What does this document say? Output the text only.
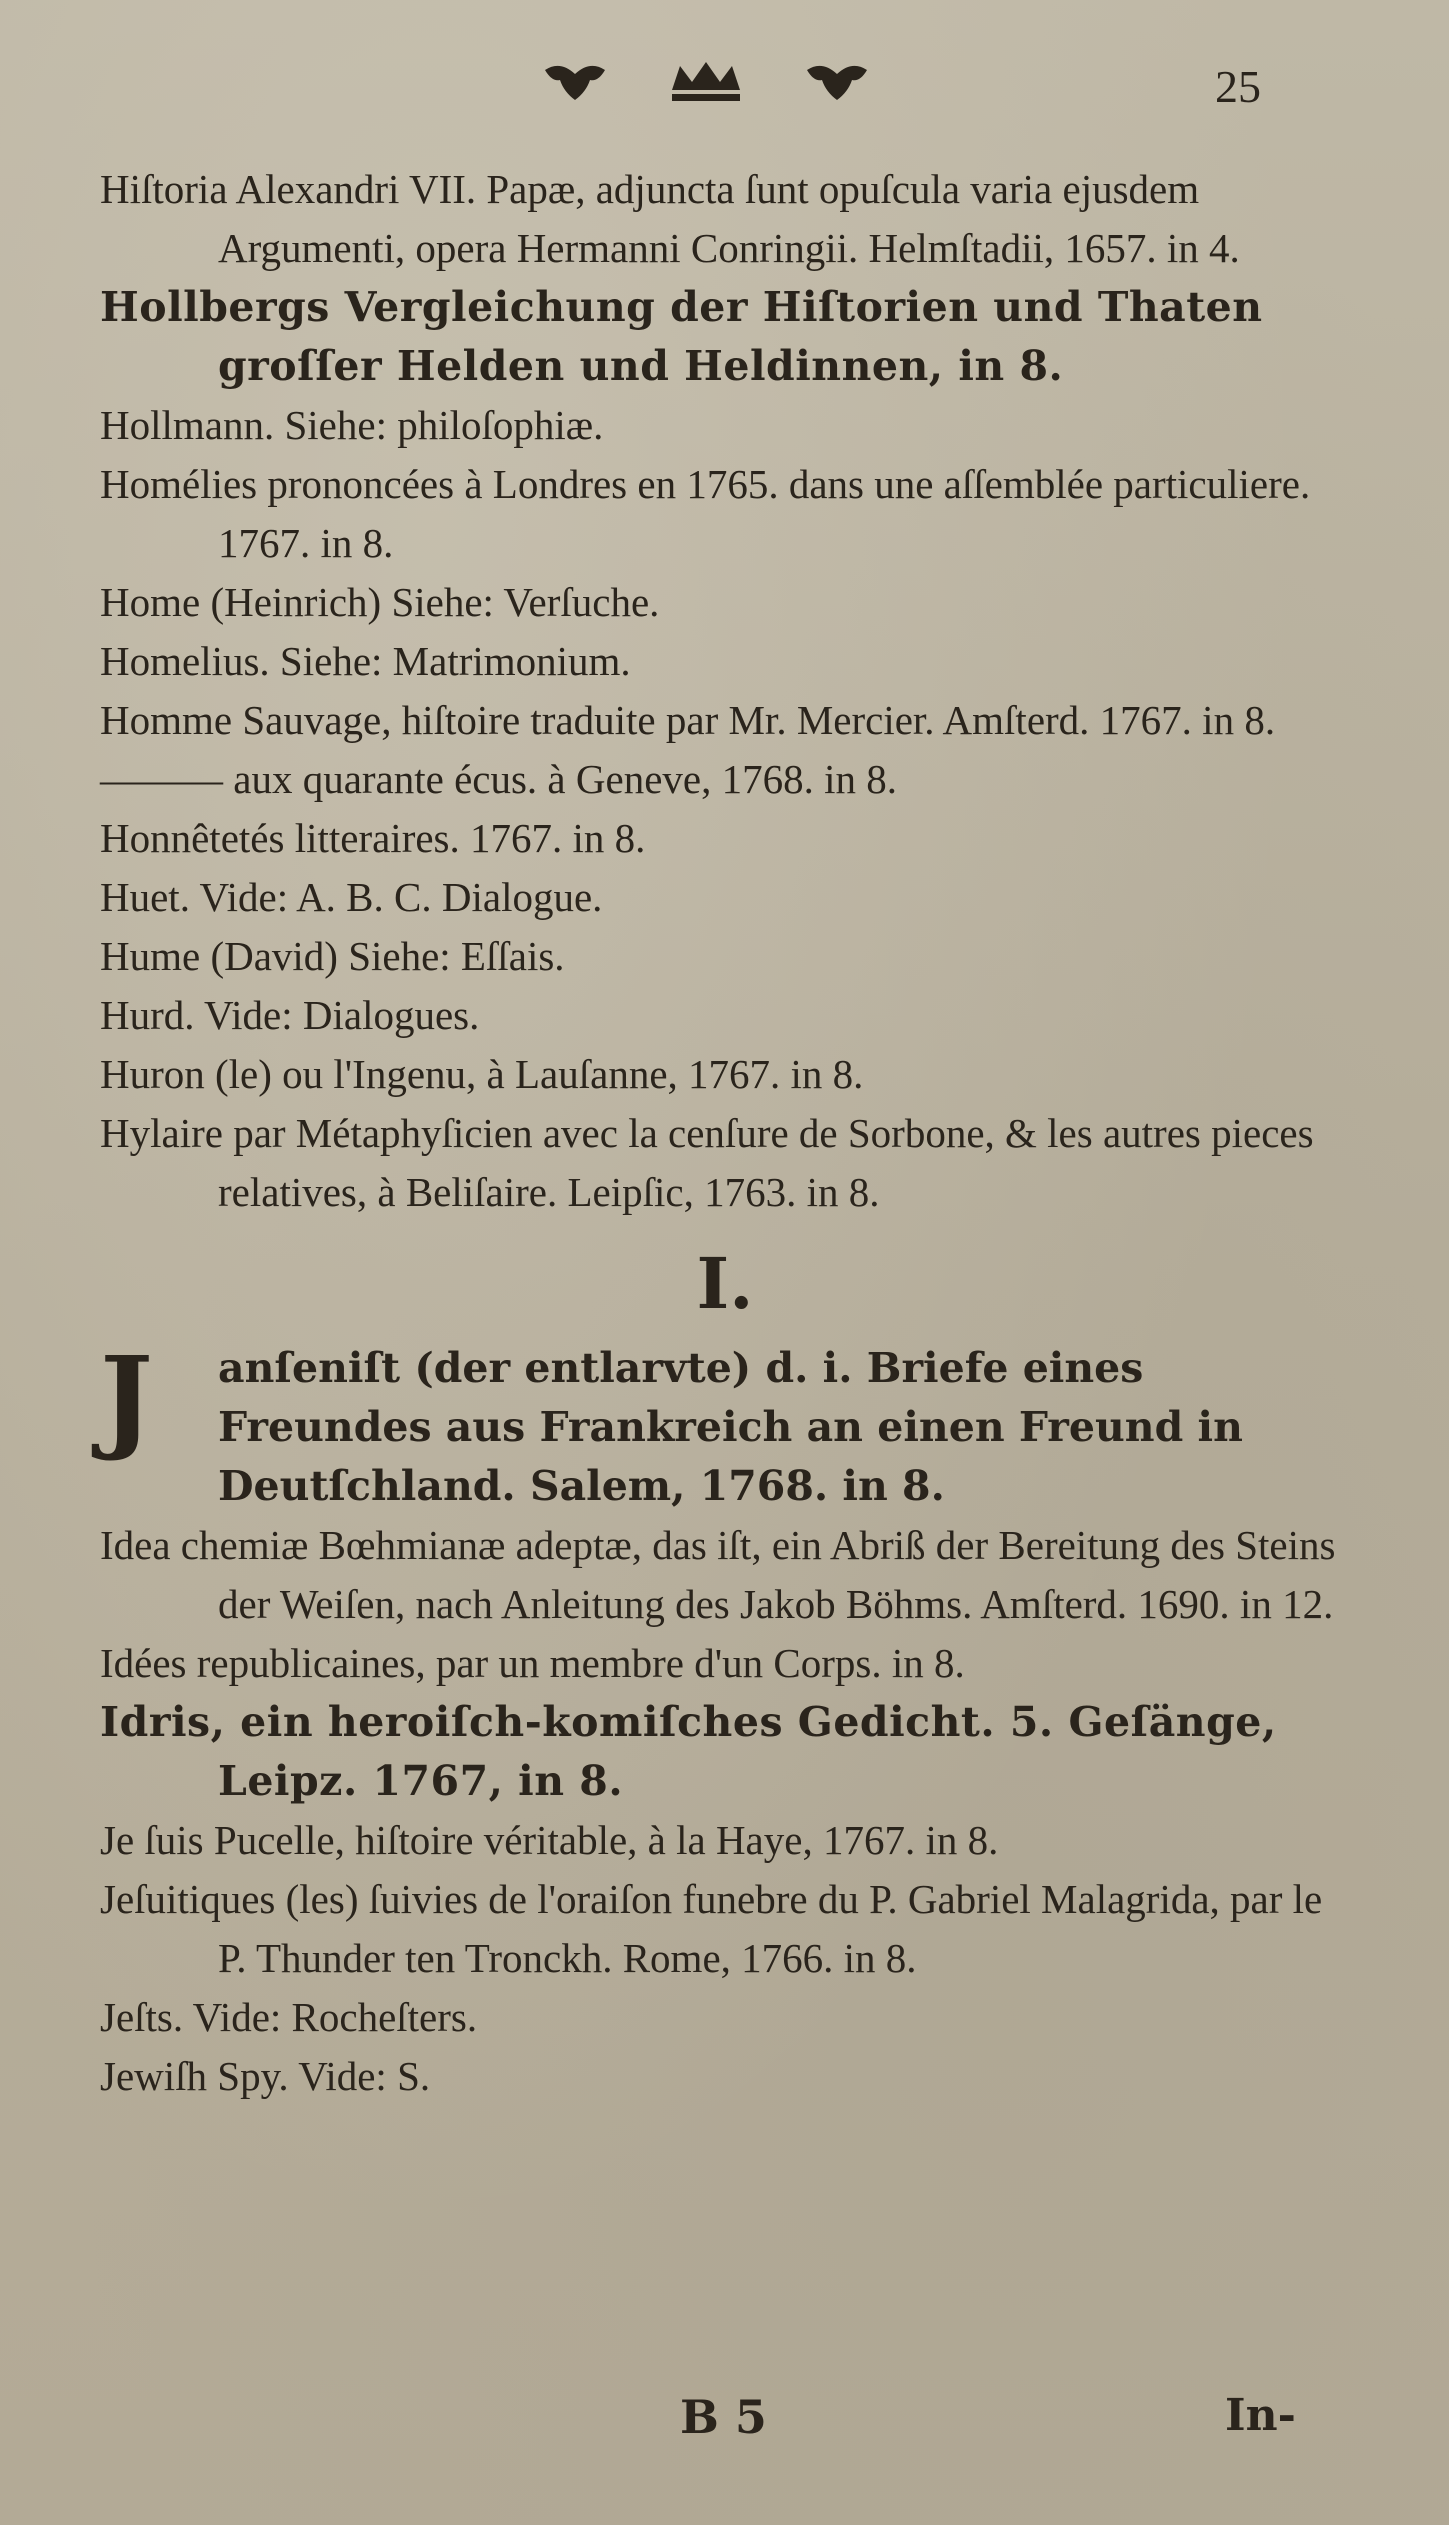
25

Hiſtoria Alexandri VII. Papæ, adjuncta ſunt opuſcula varia ejusdem Argumenti, opera Hermanni Conringii. Helmſtadii, 1657. in 4.

Hollbergs Vergleichung der Hiſtorien und Thaten groſſer Helden und Heldinnen, in 8.

Hollmann. Siehe: philoſophiæ.

Homélies prononcées à Londres en 1765. dans une aſſemblée particuliere. 1767. in 8.

Home (Heinrich) Siehe: Verſuche.

Homelius. Siehe: Matrimonium.

Homme Sauvage, hiſtoire traduite par Mr. Mercier. Amſterd. 1767. in 8.

——— aux quarante écus. à Geneve, 1768. in 8.

Honnêtetés litteraires. 1767. in 8.

Huet. Vide: A. B. C. Dialogue.

Hume (David) Siehe: Eſſais.

Hurd. Vide: Dialogues.

Huron (le) ou l'Ingenu, à Lauſanne, 1767. in 8.

Hylaire par Métaphyſicien avec la cenſure de Sorbone, & les autres pieces relatives, à Beliſaire. Leipſic, 1763. in 8.

I.
J anſeniſt (der entlarvte) d. i. Briefe eines Freundes aus Frankreich an einen Freund in Deutſchland. Salem, 1768. in 8.

Idea chemiæ Bœhmianæ adeptæ, das iſt, ein Abriß der Bereitung des Steins der Weiſen, nach Anleitung des Jakob Böhms. Amſterd. 1690. in 12.

Idées republicaines, par un membre d'un Corps. in 8.

Idris, ein heroiſch-komiſches Gedicht. 5. Geſänge, Leipz. 1767, in 8.

Je ſuis Pucelle, hiſtoire véritable, à la Haye, 1767. in 8.

Jeſuitiques (les) ſuivies de l'oraiſon funebre du P. Gabriel Malagrida, par le P. Thunder ten Tronckh. Rome, 1766. in 8.

Jeſts. Vide: Rocheſters.

Jewiſh Spy. Vide: S.

B 5	In-
